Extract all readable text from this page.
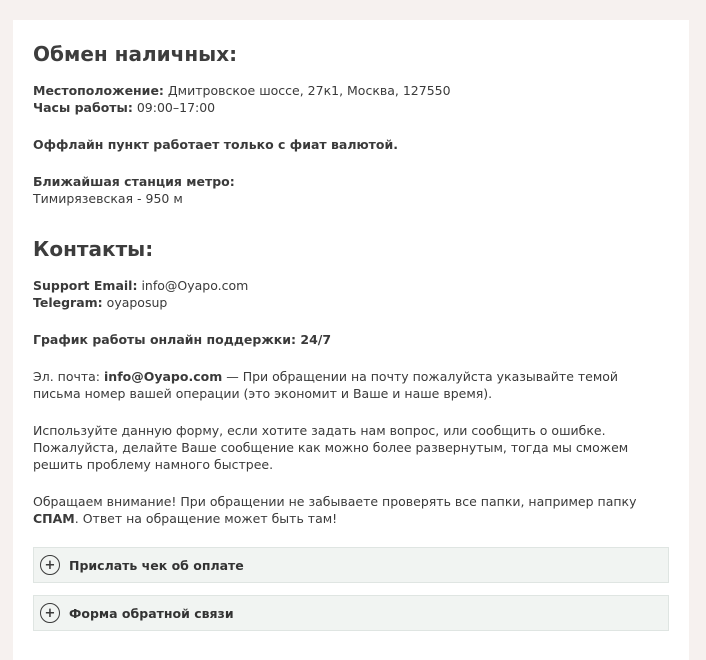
Обмен наличных:

Местоположение: Дмитровское шоссе, 27к1, Москва, 127550

Часы работы: 09:00–17:00

Оффлайн пункт работает только с фиат валютой.

Ближайшая станция метро:

Тимирязевская - 950 м

Контакты:

Support Email: info@Oyapo.com

Telegram: oyaposup

График работы онлайн поддержки: 24/7

Эл. почта: info@Oyapo.com — При обращении на почту пожалуйста указывайте темой письма номер вашей операции (это экономит и Ваше и наше время).

Используйте данную форму, если хотите задать нам вопрос, или сообщить о ошибке. Пожалуйста, делайте Ваше сообщение как можно более развернутым, тогда мы сможем решить проблему намного быстрее.

Обращаем внимание! При обращении не забываете проверять все папки, например папку СПАМ. Ответ на обращение может быть там!

+	Прислать чек об оплате
+	Форма обратной связи
